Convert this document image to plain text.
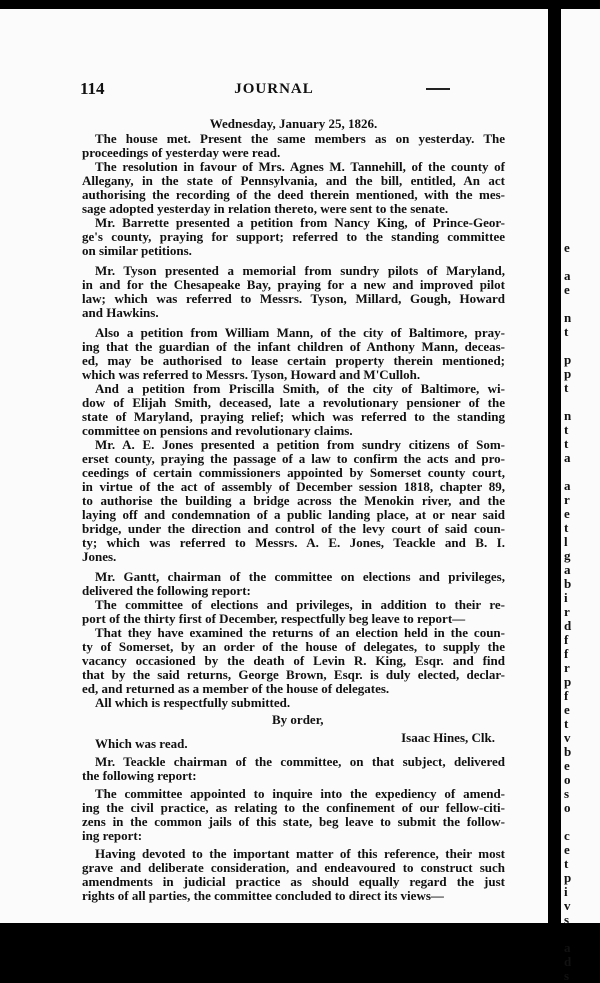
114	JOURNAL
Wednesday, January 25, 1826.
The house met. Present the same members as on yesterday. The
proceedings of yesterday were read.
The resolution in favour of Mrs. Agnes M. Tannehill, of the county of
Allegany, in the state of Pennsylvania, and the bill, entitled, An act
authorising the recording of the deed therein mentioned, with the mes-
sage adopted yesterday in relation thereto, were sent to the senate.
Mr. Barrette presented a petition from Nancy King, of Prince-Geor-
ge's county, praying for support; referred to the standing committee
on similar petitions.
Mr. Tyson presented a memorial from sundry pilots of Maryland,
in and for the Chesapeake Bay, praying for a new and improved pilot
law; which was referred to Messrs. Tyson, Millard, Gough, Howard
and Hawkins.
Also a petition from William Mann, of the city of Baltimore, pray-
ing that the guardian of the infant children of Anthony Mann, deceas-
ed, may be authorised to lease certain property therein mentioned;
which was referred to Messrs. Tyson, Howard and M'Culloh.
And a petition from Priscilla Smith, of the city of Baltimore, wi-
dow of Elijah Smith, deceased, late a revolutionary pensioner of the
state of Maryland, praying relief; which was referred to the standing
committee on pensions and revolutionary claims.
Mr. A. E. Jones presented a petition from sundry citizens of Som-
erset county, praying the passage of a law to confirm the acts and pro-
ceedings of certain commissioners appointed by Somerset county court,
in virtue of the act of assembly of December session 1818, chapter 89,
to authorise the building a bridge across the Menokin river, and the
laying off and condemnation of a public landing place, at or near said
bridge, under the direction and control of the levy court of said coun-
ty; which was referred to Messrs. A. E. Jones, Teackle and B. I.
Jones.
Mr. Gantt, chairman of the committee on elections and privileges,
delivered the following report:
The committee of elections and privileges, in addition to their re-
port of the thirty first of December, respectfully beg leave to report—
That they have examined the returns of an election held in the coun-
ty of Somerset, by an order of the house of delegates, to supply the
vacancy occasioned by the death of Levin R. King, Esqr. and find
that by the said returns, George Brown, Esqr. is duly elected, declar-
ed, and returned as a member of the house of delegates.
All which is respectfully submitted.
By order,
Isaac Hines, Clk.
Which was read.
Mr. Teackle chairman of the committee, on that subject, delivered
the following report:
The committee appointed to inquire into the expediency of amend-
ing the civil practice, as relating to the confinement of our fellow-citi-
zens in the common jails of this state, beg leave to submit the follow-
ing report:
Having devoted to the important matter of this reference, their most
grave and deliberate consideration, and endeavoured to construct such
amendments in judicial practice as should equally regard the just
rights of all parties, the committee concluded to direct its views—
e
a
e
n
t
p
p
t
n
t
t
a
a
r
e
t
l
g
a
b
i
r
d
f
f
r
p
f
e
t
v
b
e
o
s
o
c
e
t
p
i
v
s
a
d
s
